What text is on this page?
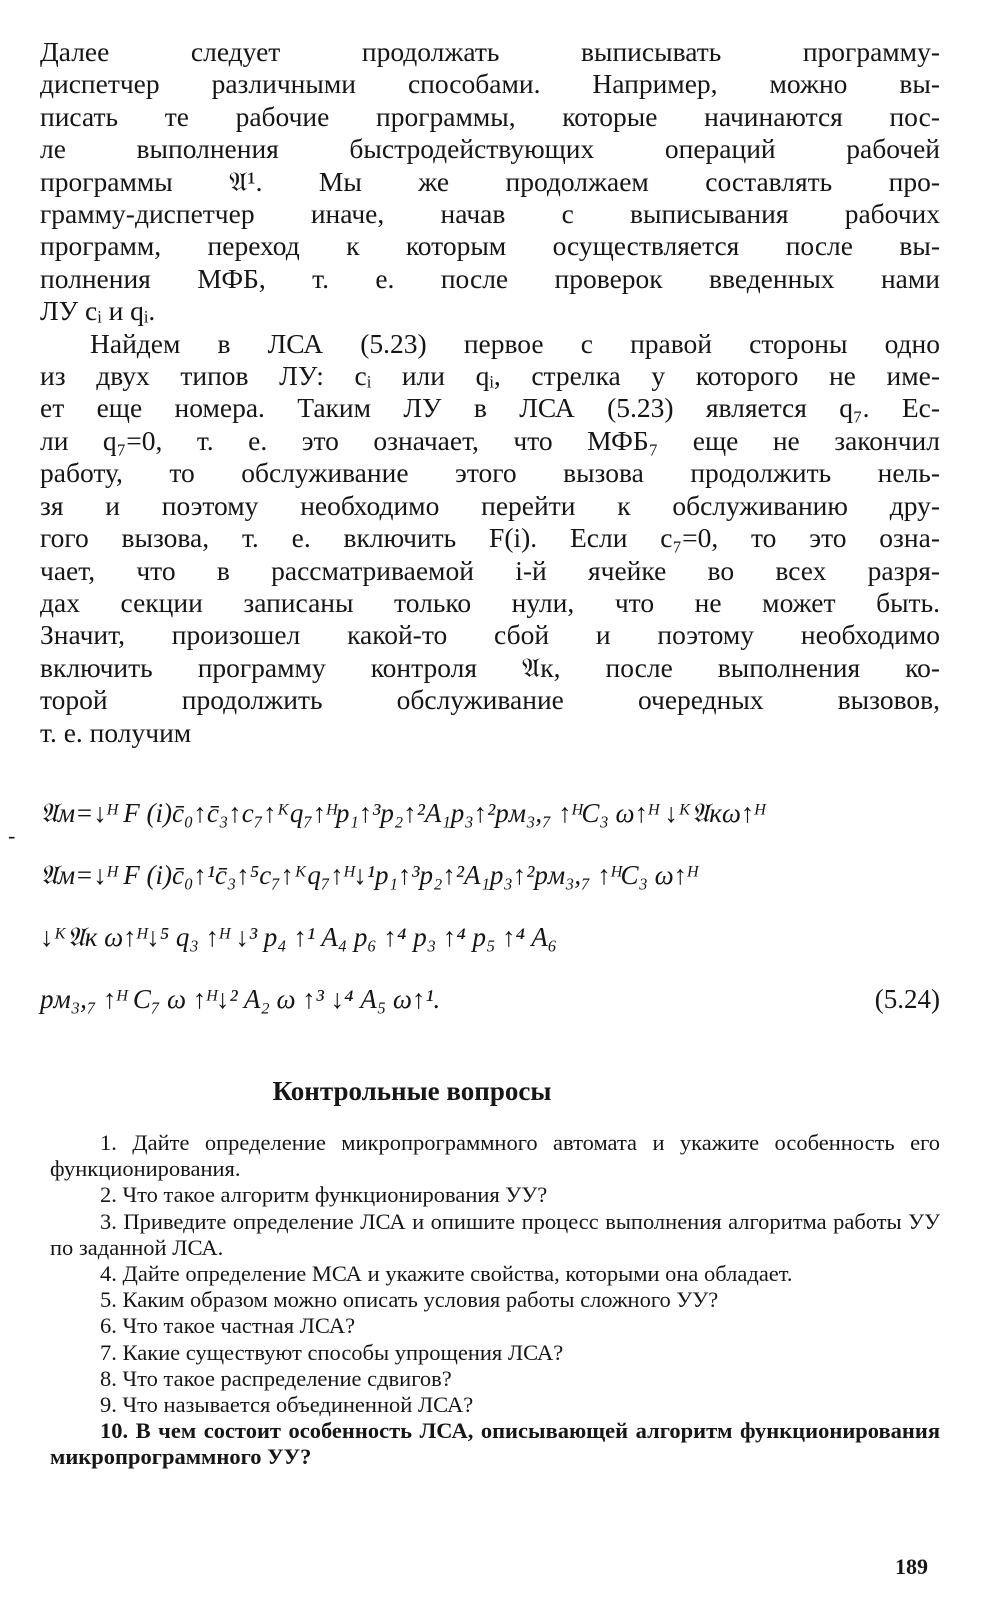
Далее следует продолжать выписывать программу-
диспетчер различными способами. Например, можно вы-
писать те рабочие программы, которые начинаются пос-
ле выполнения быстродействующих операций рабочей
программы 𝔄¹. Мы же продолжаем составлять про-
грамму-диспетчер иначе, начав с выписывания рабочих
программ, переход к которым осуществляется после вы-
полнения МФБ, т. е. после проверок введенных нами
ЛУ cᵢ и qᵢ.

Найдем в ЛСА (5.23) первое с правой стороны одно
из двух типов ЛУ: cᵢ или qᵢ, стрелка у которого не име-
ет еще номера. Таким ЛУ в ЛСА (5.23) является q₇. Ес-
ли q₇=0, т. е. это означает, что МФБ₇ еще не закончил
работу, то обслуживание этого вызова продолжить нель-
зя и поэтому необходимо перейти к обслуживанию дру-
гого вызова, т. е. включить F(i). Если c₇=0, то это озна-
чает, что в рассматриваемой i-й ячейке во всех разря-
дах секции записаны только нули, что не может быть.
Значит, произошел какой-то сбой и поэтому необходимо
включить программу контроля 𝔄к, после выполнения ко-
торой продолжить обслуживание очередных вызовов,
т. е. получим

-
𝔄м=↓ᴴ F (i)c̄₀↑c̄₃↑c₇↑ᴷq₇↑ᴴp₁↑³p₂↑²A₁p₃↑²pм₃,₇ ↑ᴴC₃ ω↑ᴴ ↓ᴷ𝔄кω↑ᴴ
𝔄м=↓ᴴ F (i)c̄₀↑¹c̄₃↑⁵c₇↑ᴷq₇↑ᴴ↓¹p₁↑³p₂↑²A₁p₃↑²pм₃,₇ ↑ᴴC₃ ω↑ᴴ
↓ᴷ𝔄к ω↑ᴴ↓⁵ q₃ ↑ᴴ ↓³ p₄ ↑¹ A₄ p₆ ↑⁴ p₃ ↑⁴ p₅ ↑⁴ A₆
pм₃,₇ ↑ᴴ C₇ ω ↑ᴴ↓² A₂ ω ↑³ ↓⁴ A₅ ω↑¹.	(5.24)
Контрольные вопросы

1. Дайте определение микропрограммного автомата и укажите особенность его функционирования.

2. Что такое алгоритм функционирования УУ?

3. Приведите определение ЛСА и опишите процесс выполнения алгоритма работы УУ по заданной ЛСА.

4. Дайте определение МСА и укажите свойства, которыми она обладает.

5. Каким образом можно описать условия работы сложного УУ?

6. Что такое частная ЛСА?

7. Какие существуют способы упрощения ЛСА?

8. Что такое распределение сдвигов?

9. Что называется объединенной ЛСА?

10. В чем состоит особенность ЛСА, описывающей алгоритм функционирования микропрограммного УУ?

189
